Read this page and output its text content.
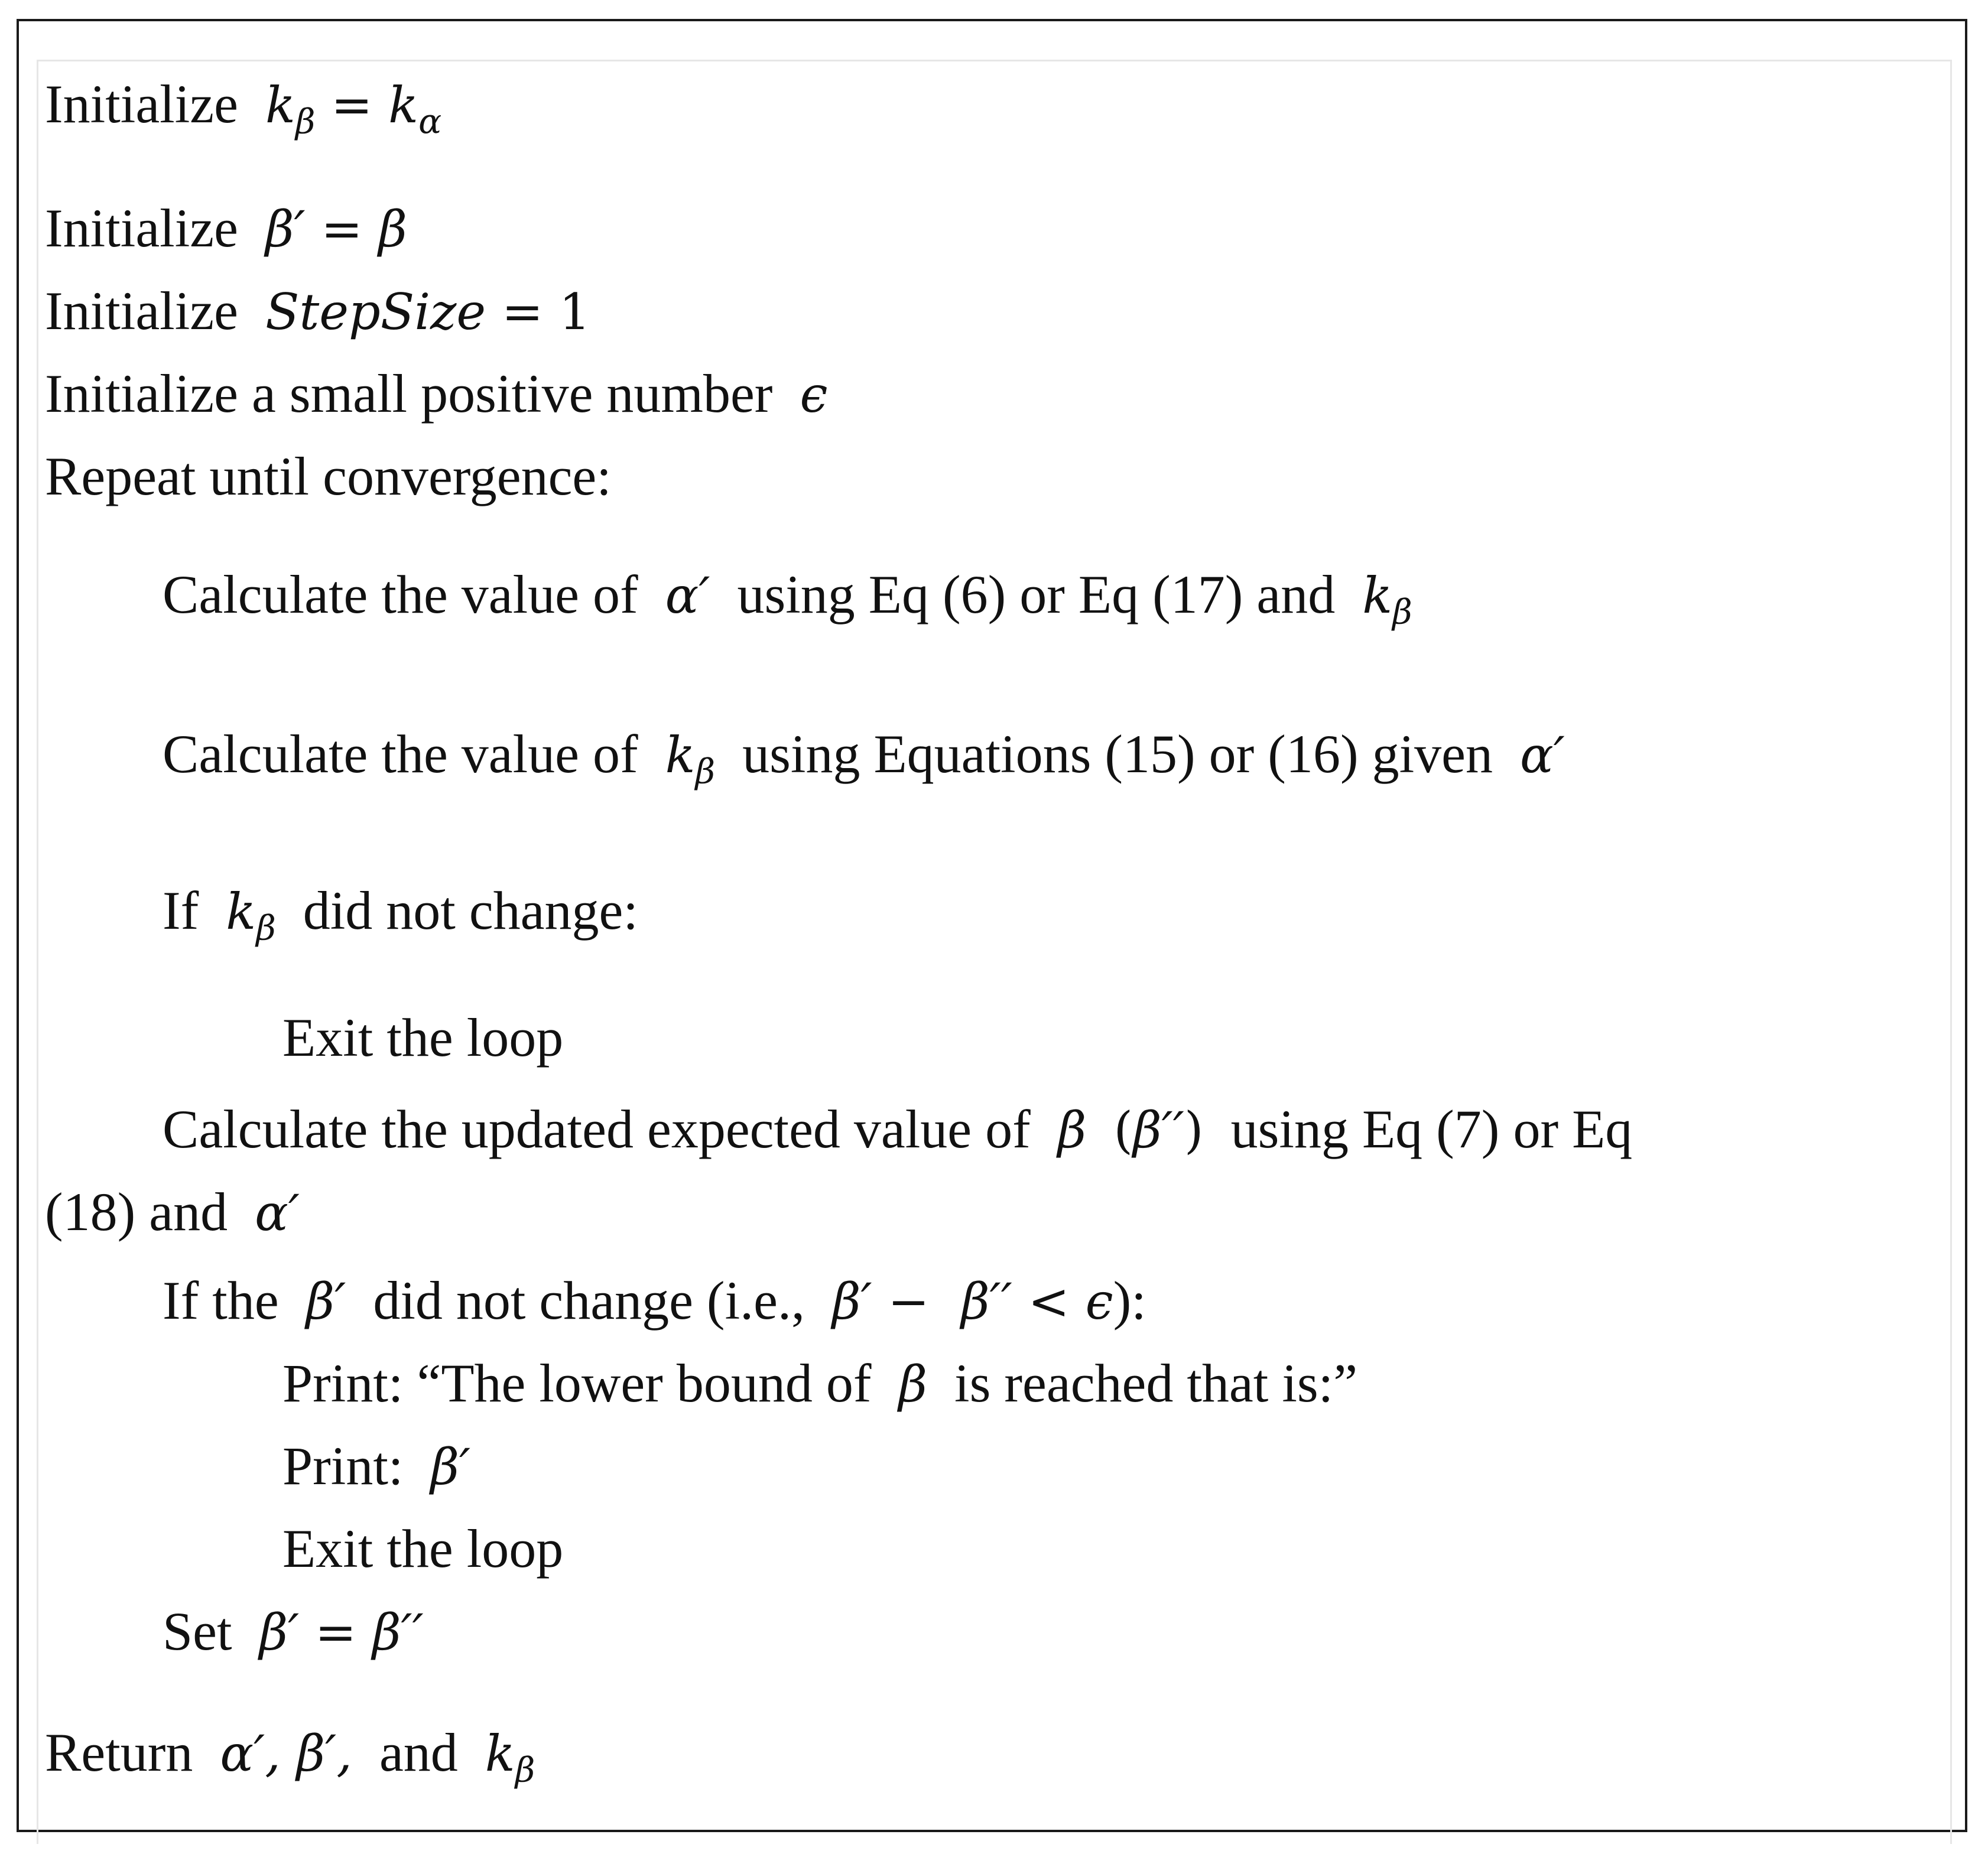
Initialize $k_\beta = k_\alpha$
Initialize β′ = β
Initialize StepSize = 1
Initialize a small positive number ϵ
Repeat until convergence:
Calculate the value of  α′  using Eq (6) or Eq (17) and  $k_\beta$
Calculate the value of  $k_\beta$  using Equations (15) or (16) given  α′
If  $k_\beta$  did not change:
Exit the loop
Calculate the updated expected value of  β (β′′)  using Eq (7) or Eq
(18) and  α′
If the  β′  did not change (i.e.,  β′ −  β′′ < ϵ):
Print: “The lower bound of  β  is reached that is:”
Print:  β′
Exit the loop
Set  β′ = β′′
Return  α′, β′,  and  $k_\beta$
